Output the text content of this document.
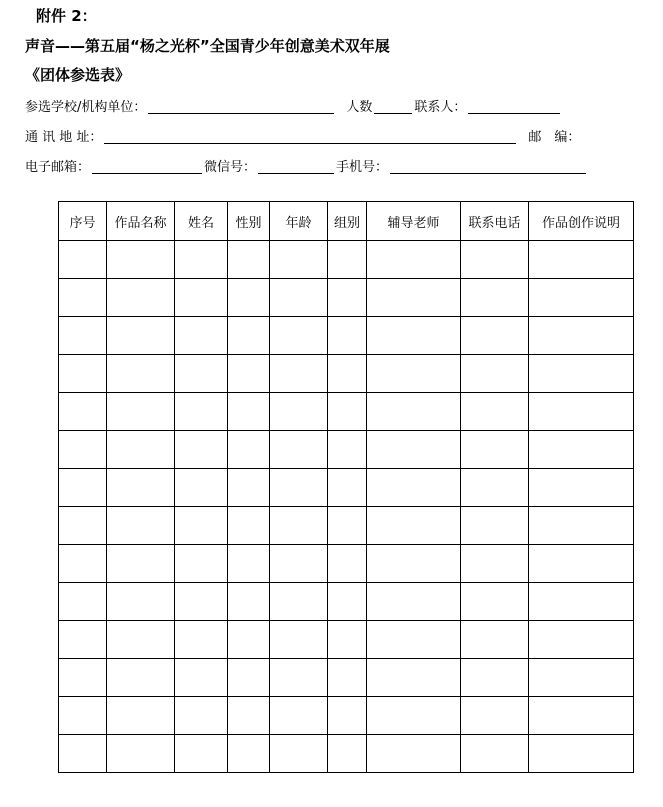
附件 2：
声音——第五届“杨之光杯”全国青少年创意美术双年展
《团体参选表》
参选学校/机构单位：	人数	联系人：
通 讯 地 址：	邮　编：
电子邮箱：	微信号：	手机号：
序号	作品名称	姓名	性别	年龄	组别	辅导老师	联系电话	作品创作说明
